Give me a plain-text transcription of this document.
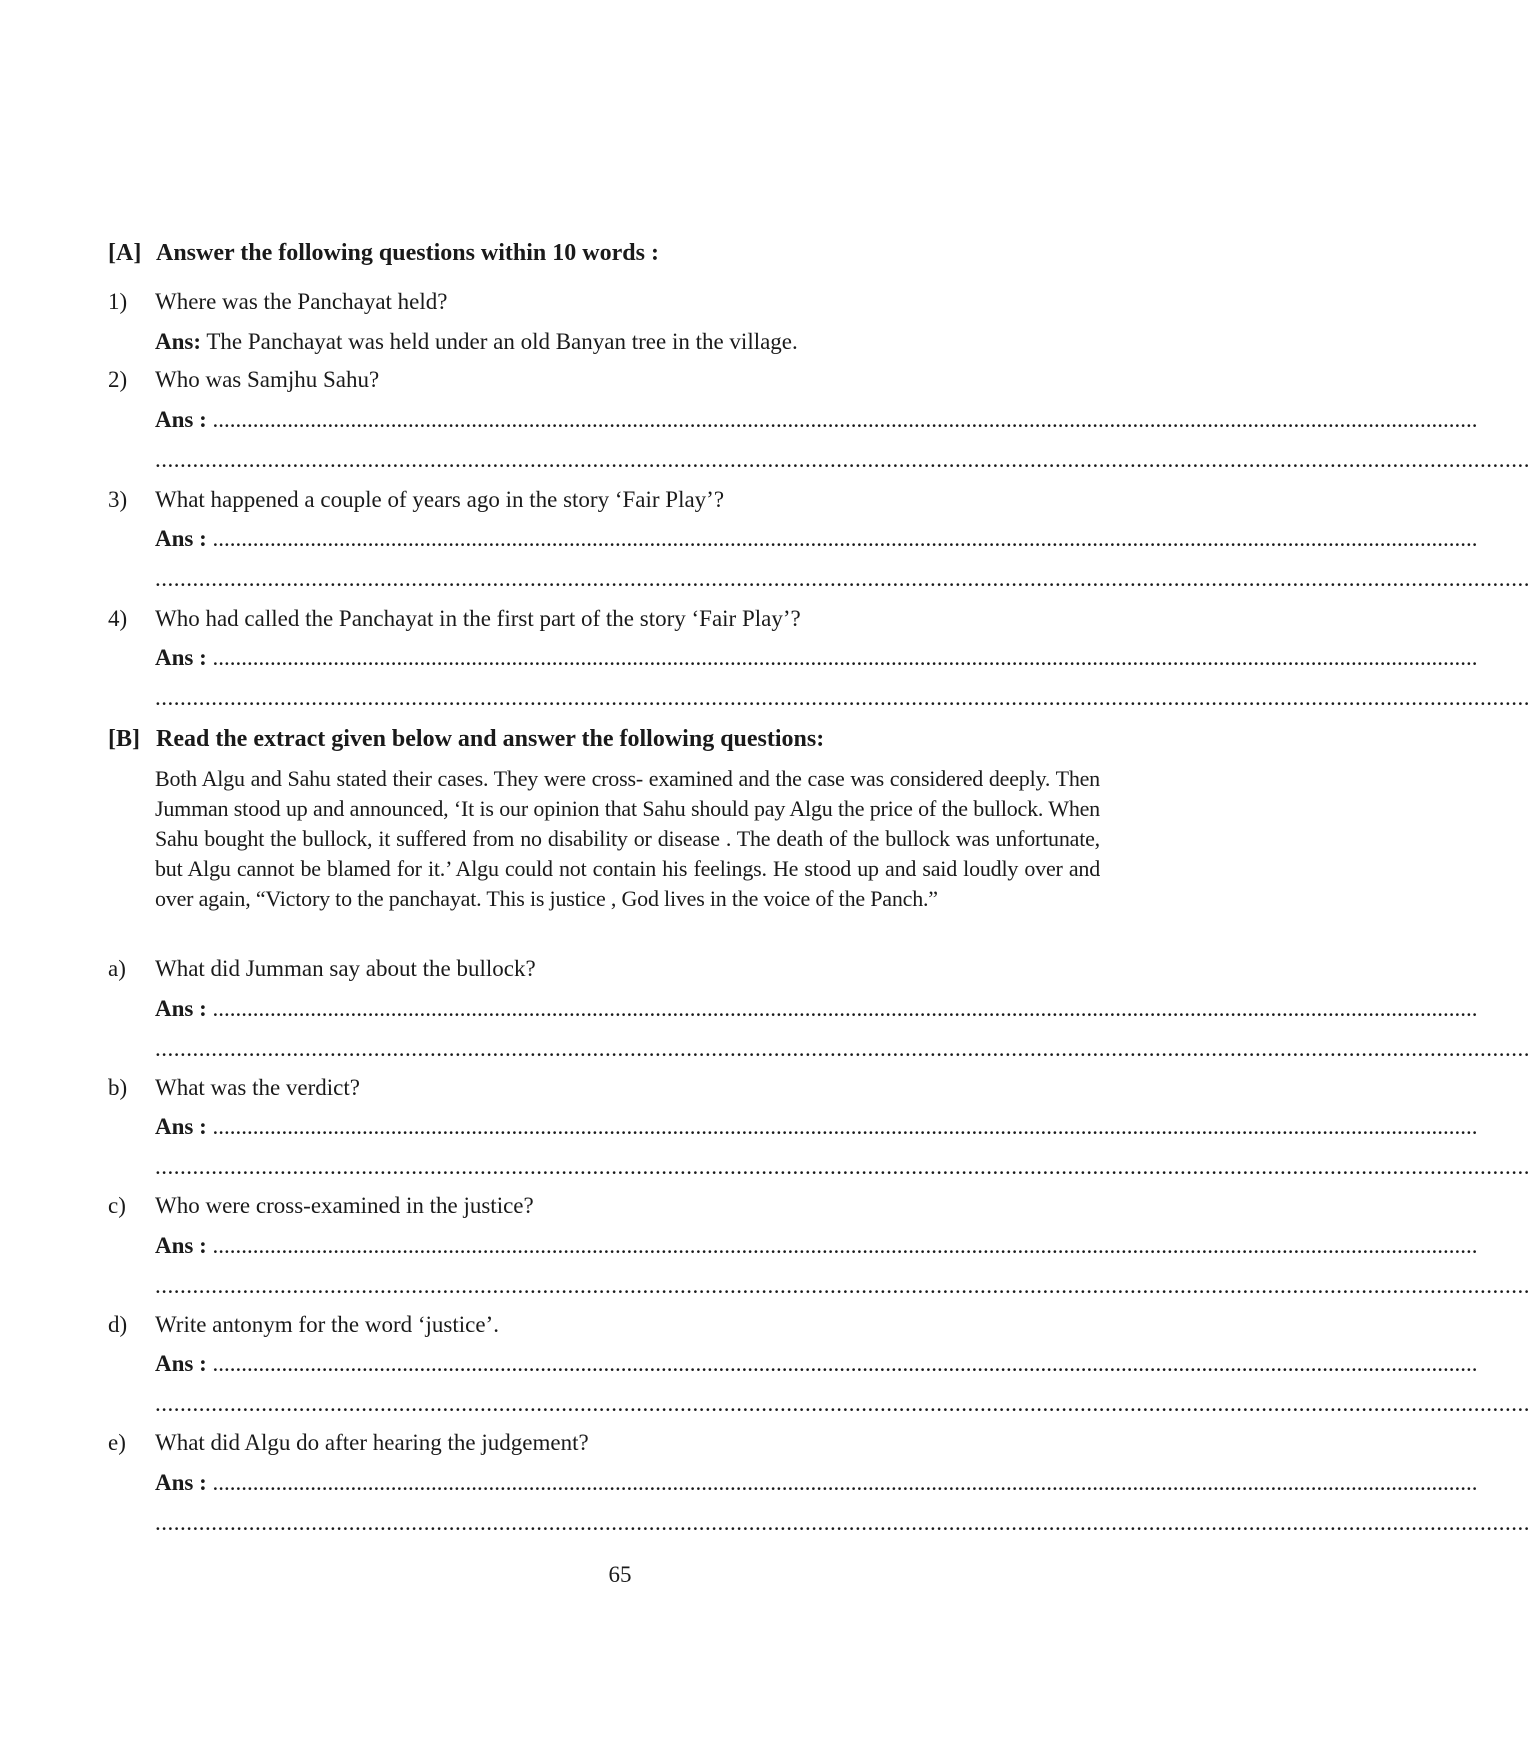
[A] Answer the following questions within 10 words :
1) Where was the Panchayat held?
Ans: The Panchayat was held under an old Banyan tree in the village.
2) Who was Samjhu Sahu?
Ans : ............................................................................................................................................................................................................................
............................................................................................................................................................................................................................
3) What happened a couple of years ago in the story ‘Fair Play’?
Ans : ............................................................................................................................................................................................................................
............................................................................................................................................................................................................................
4) Who had called the Panchayat in the first part of the story ‘Fair Play’?
Ans : ............................................................................................................................................................................................................................
............................................................................................................................................................................................................................
[B] Read the extract given below and answer the following questions:
Both Algu and Sahu stated their cases. They were cross- examined and the case was considered deeply. Then Jumman stood up and announced, ‘It is our opinion that Sahu should pay Algu the price of the bullock. When Sahu bought the bullock, it suffered from no disability or disease . The death of the bullock was unfortunate, but Algu cannot be blamed for it.’ Algu could not contain his feelings. He stood up and said loudly over and over again, “Victory to the panchayat. This is justice , God lives in the voice of the Panch.”
a) What did Jumman say about the bullock?
Ans : ............................................................................................................................................................................................................................
............................................................................................................................................................................................................................
b) What was the verdict?
Ans : ............................................................................................................................................................................................................................
............................................................................................................................................................................................................................
c) Who were cross-examined in the justice?
Ans : ............................................................................................................................................................................................................................
............................................................................................................................................................................................................................
d) Write antonym for the word ‘justice’.
Ans : ............................................................................................................................................................................................................................
............................................................................................................................................................................................................................
e) What did Algu do after hearing the judgement?
Ans : ............................................................................................................................................................................................................................
............................................................................................................................................................................................................................
65
